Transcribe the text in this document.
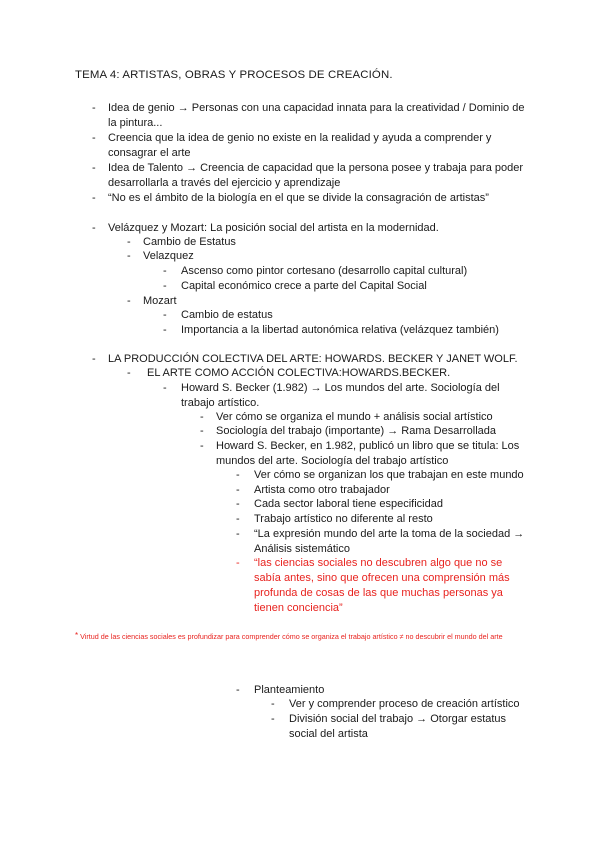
TEMA 4: ARTISTAS, OBRAS Y PROCESOS DE CREACIÓN.
-	Idea de genio → Personas con una capacidad innata para la creatividad / Dominio de la pintura...
-	Creencia que la idea de genio no existe en la realidad y ayuda a comprender y consagrar el arte
-	Idea de Talento → Creencia de capacidad que la persona posee y trabaja para poder desarrollarla a través del ejercicio y aprendizaje
-	“No es el ámbito de la biología en el que se divide la consagración de artistas”
-	Velázquez y Mozart: La posición social del artista en la modernidad.
-	Cambio de Estatus
-	Velazquez
-	Ascenso como pintor cortesano (desarrollo capital cultural)
-	Capital económico crece a parte del Capital Social
-	Mozart
-	Cambio de estatus
-	Importancia a la libertad autonómica relativa (velázquez también)
-	LA PRODUCCIÓN COLECTIVA DEL ARTE: HOWARDS. BECKER Y JANET WOLF.
-	EL ARTE COMO ACCIÓN COLECTIVA:HOWARDS.BECKER.
-	Howard S. Becker (1.982) → Los mundos del arte. Sociología del trabajo artístico.
-	Ver cómo se organiza el mundo + análisis social artístico
-	Sociología del trabajo (importante) → Rama Desarrollada
-	Howard S. Becker, en 1.982, publicó un libro que se titula: Los mundos del arte. Sociología del trabajo artístico
-	Ver cómo se organizan los que trabajan en este mundo
-	Artista como otro trabajador
-	Cada sector laboral tiene especificidad
-	Trabajo artístico no diferente al resto
-	“La expresión mundo del arte la toma de la sociedad → Análisis sistemático
-	“las ciencias sociales no descubren algo que no se sabía antes, sino que ofrecen una comprensión más profunda de cosas de las que muchas personas ya tienen conciencia”
* Virtud de las ciencias sociales es profundizar para comprender cómo se organiza el trabajo artístico ≠ no descubrir el mundo del arte
-	Planteamiento
-	Ver y comprender proceso de creación artístico
-	División social del trabajo → Otorgar estatus social del artista
